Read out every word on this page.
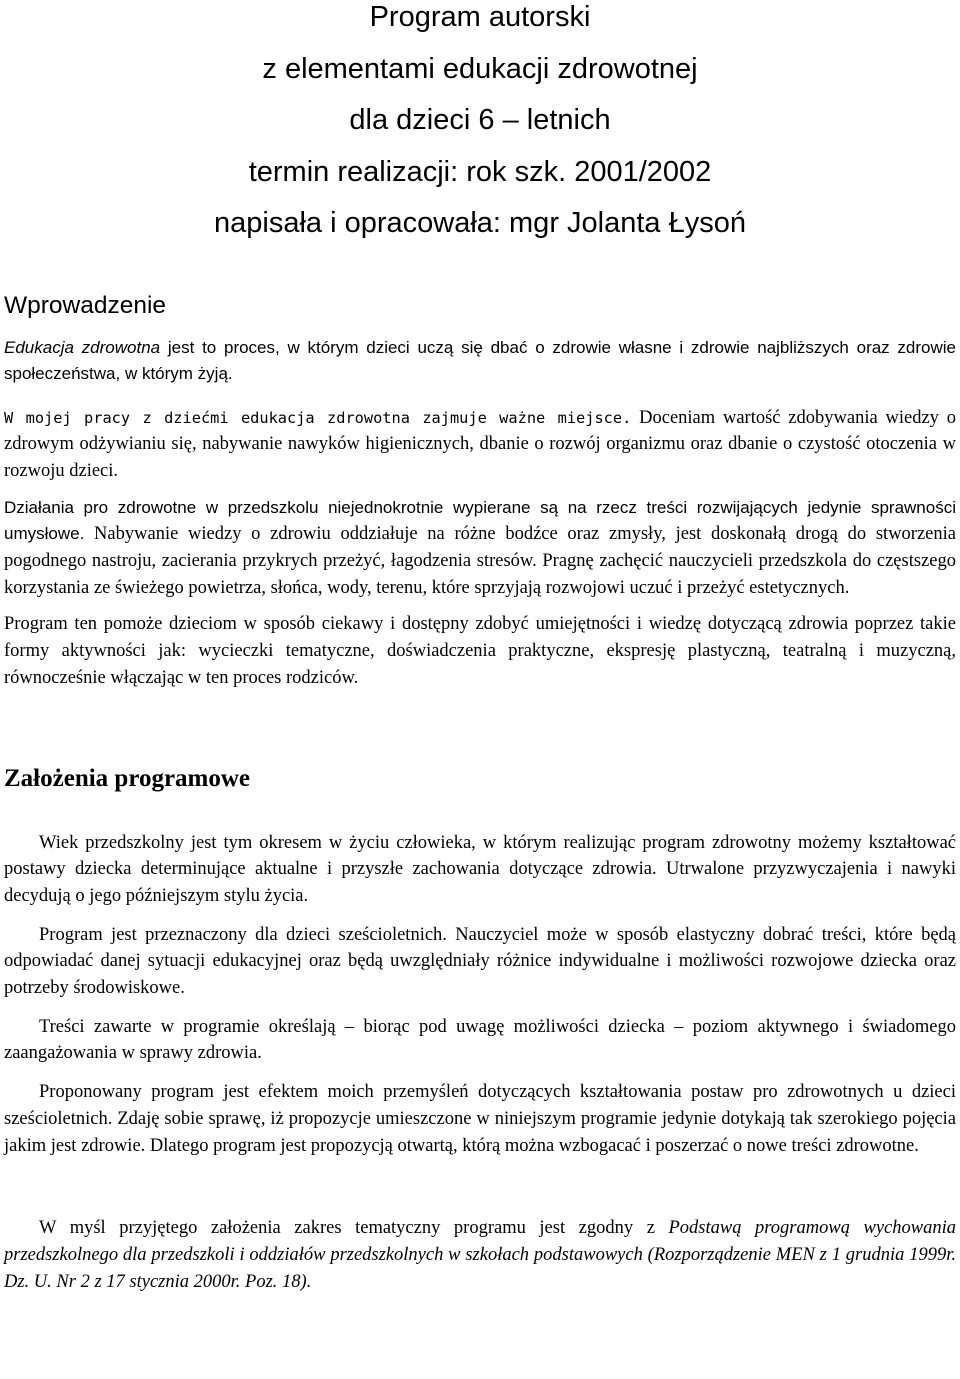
Program autorski
z elementami edukacji zdrowotnej
dla dzieci 6 – letnich
termin realizacji: rok szk. 2001/2002
napisała i opracowała: mgr Jolanta Łysoń
Wprowadzenie

Edukacja zdrowotna jest to proces, w którym dzieci uczą się dbać o zdrowie własne i zdrowie najbliższych oraz zdrowie społeczeństwa, w którym żyją.

W mojej pracy z dziećmi edukacja zdrowotna zajmuje ważne miejsce. Doceniam wartość zdobywania wiedzy o zdrowym odżywianiu się, nabywanie nawyków higienicznych, dbanie o rozwój organizmu oraz dbanie o czystość otoczenia w rozwoju dzieci.

Działania pro zdrowotne w przedszkolu niejednokrotnie wypierane są na rzecz treści rozwijających jedynie sprawności umysłowe. Nabywanie wiedzy o zdrowiu oddziałuje na różne bodźce oraz zmysły, jest doskonałą drogą do stworzenia pogodnego nastroju, zacierania przykrych przeżyć, łagodzenia stresów. Pragnę zachęcić nauczycieli przedszkola do częstszego korzystania ze świeżego powietrza, słońca, wody, terenu, które sprzyjają rozwojowi uczuć i przeżyć estetycznych.

Program ten pomoże dzieciom w sposób ciekawy i dostępny zdobyć umiejętności i wiedzę dotyczącą zdrowia poprzez takie formy aktywności jak: wycieczki tematyczne, doświadczenia praktyczne, ekspresję plastyczną, teatralną i muzyczną, równocześnie włączając w ten proces rodziców.

Założenia programowe

Wiek przedszkolny jest tym okresem w życiu człowieka, w którym realizując program zdrowotny możemy kształtować postawy dziecka determinujące aktualne i przyszłe zachowania dotyczące zdrowia. Utrwalone przyzwyczajenia i nawyki decydują o jego późniejszym stylu życia.

Program jest przeznaczony dla dzieci sześcioletnich. Nauczyciel może w sposób elastyczny dobrać treści, które będą odpowiadać danej sytuacji edukacyjnej oraz będą uwzględniały różnice indywidualne i możliwości rozwojowe dziecka oraz potrzeby środowiskowe.

Treści zawarte w programie określają – biorąc pod uwagę możliwości dziecka – poziom aktywnego i świadomego zaangażowania w sprawy zdrowia.

Proponowany program jest efektem moich przemyśleń dotyczących kształtowania postaw pro zdrowotnych u dzieci sześcioletnich. Zdaję sobie sprawę, iż propozycje umieszczone w niniejszym programie jedynie dotykają tak szerokiego pojęcia jakim jest zdrowie. Dlatego program jest propozycją otwartą, którą można wzbogacać i poszerzać o nowe treści zdrowotne.

W myśl przyjętego założenia zakres tematyczny programu jest zgodny z Podstawą programową wychowania przedszkolnego dla przedszkoli i oddziałów przedszkolnych w szkołach podstawowych (Rozporządzenie MEN z 1 grudnia 1999r. Dz. U. Nr 2 z 17 stycznia 2000r. Poz. 18).
